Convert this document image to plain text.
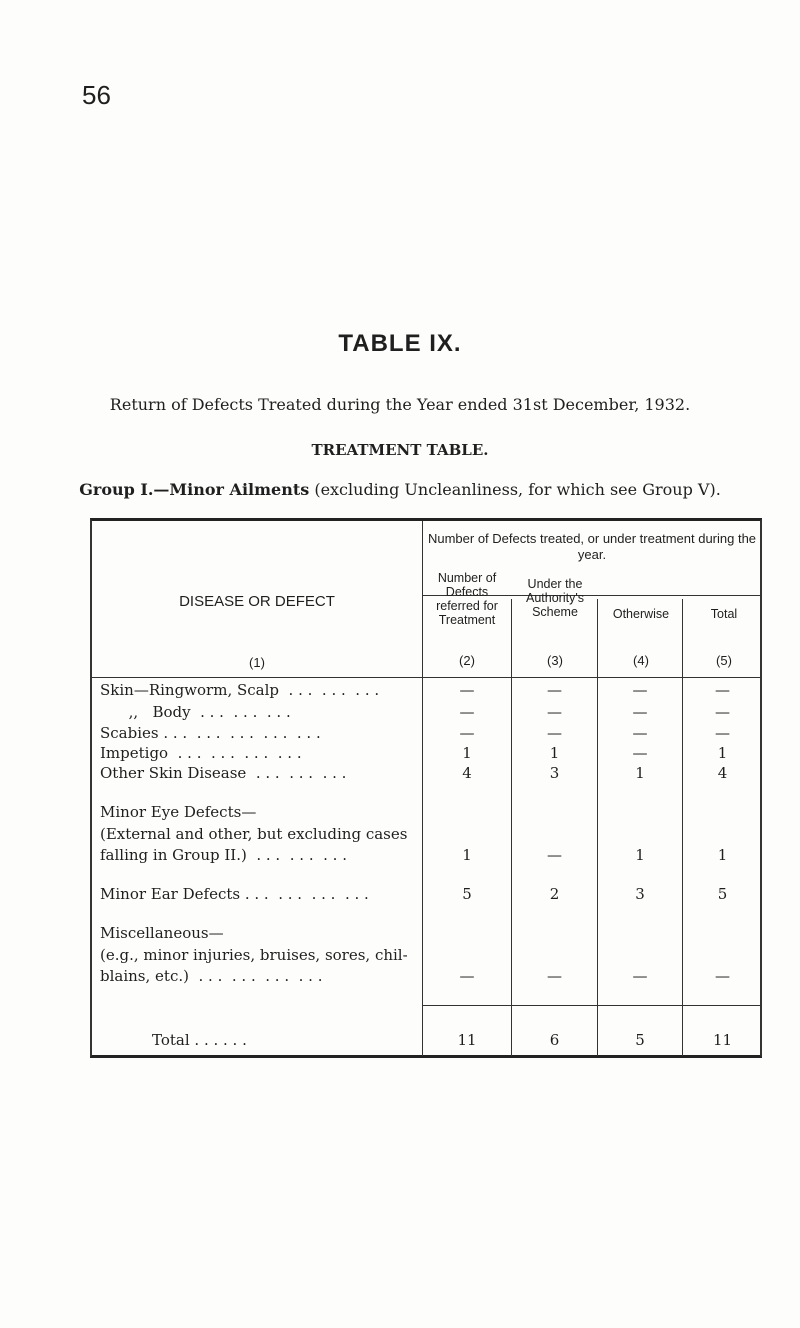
56
TABLE IX.
Return of Defects Treated during the Year ended 31st December, 1932.
TREATMENT TABLE.
Group I.—Minor Ailments (excluding Uncleanliness, for which see Group V).
Number of Defects treated, or under treatment during the year.
DISEASE OR DEFECT
(1)
Number of Defects referred for Treatment
Under the Authority's Scheme	Otherwise	Total
(2)	(3)	(4)	(5)
Skin—Ringworm, Scalp  . . .  . . .  . . .	—	—	—	—
,,   Body  . . .  . . .  . . .	—	—	—	—
Scabies . . .  . . .  . . .  . . .  . . .	—	—	—	—
Impetigo  . . .  . . .  . . .  . . .	1	1	—	1
Other Skin Disease  . . .  . . .  . . .	4	3	1	4
Minor Eye Defects—
(External and other, but excluding cases
falling in Group II.)  . . .  . . .  . . .	1	—	1	1
Minor Ear Defects . . .  . . .  . . .  . . .	5	2	3	5
Miscellaneous—
(e.g., minor injuries, bruises, sores, chil-
blains, etc.)  . . .  . . .  . . .  . . .	—	—	—	—
Total . . . . . .	11	6	5	11
